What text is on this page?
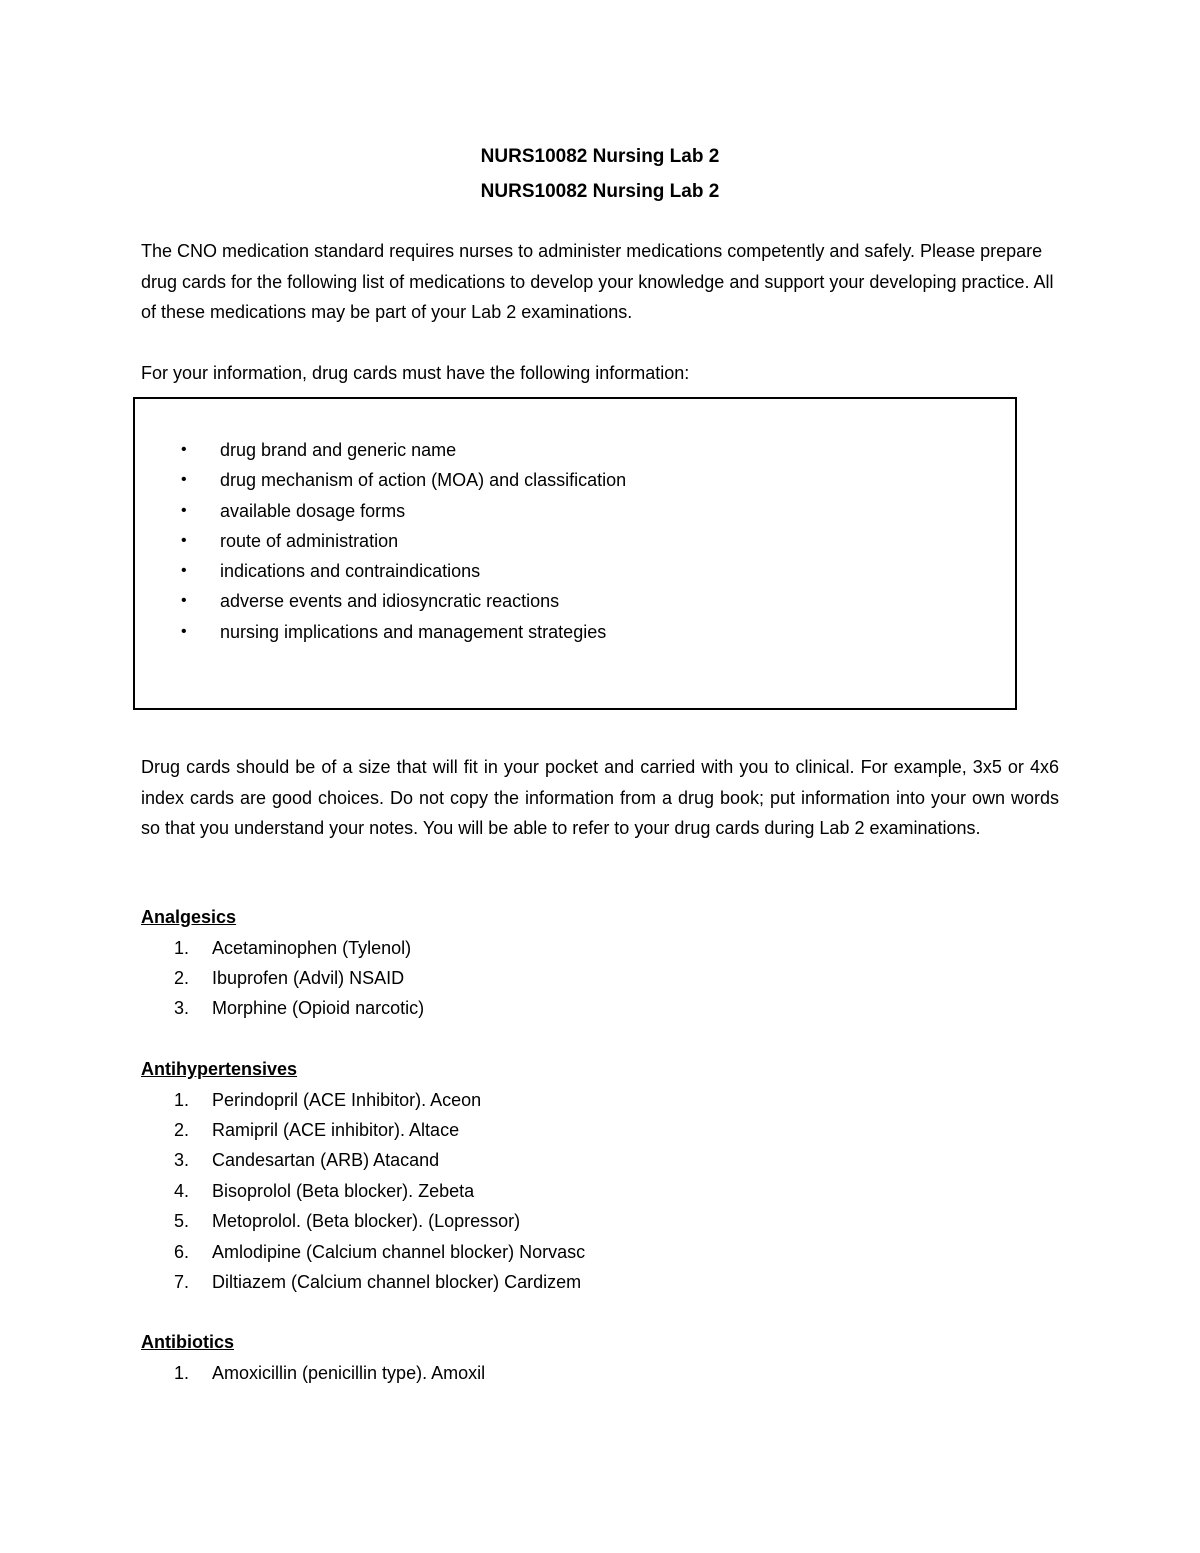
NURS10082 Nursing Lab 2
NURS10082 Nursing Lab 2
The CNO medication standard requires nurses to administer medications competently and safely. Please prepare drug cards for the following list of medications to develop your knowledge and support your developing practice. All of these medications may be part of your Lab 2 examinations.
For your information, drug cards must have the following information:
• drug brand and generic name
• drug mechanism of action (MOA) and classification
• available dosage forms
• route of administration
• indications and contraindications
• adverse events and idiosyncratic reactions
• nursing implications and management strategies
Drug cards should be of a size that will fit in your pocket and carried with you to clinical. For example, 3x5 or 4x6 index cards are good choices. Do not copy the information from a drug book; put information into your own words so that you understand your notes. You will be able to refer to your drug cards during Lab 2 examinations.
Analgesics
1. Acetaminophen (Tylenol)
2. Ibuprofen (Advil) NSAID
3. Morphine (Opioid narcotic)
Antihypertensives
1. Perindopril (ACE Inhibitor). Aceon
2. Ramipril (ACE inhibitor). Altace
3. Candesartan (ARB) Atacand
4. Bisoprolol (Beta blocker). Zebeta
5. Metoprolol. (Beta blocker). (Lopressor)
6. Amlodipine (Calcium channel blocker) Norvasc
7. Diltiazem (Calcium channel blocker) Cardizem
Antibiotics
1. Amoxicillin (penicillin type). Amoxil
